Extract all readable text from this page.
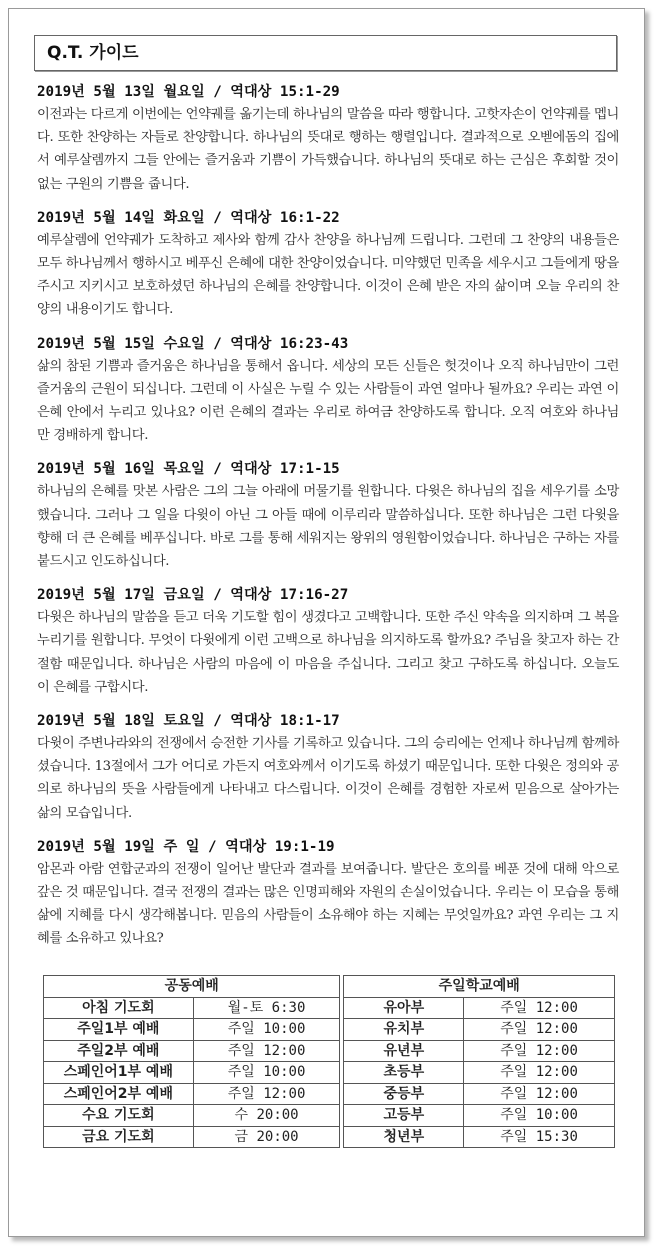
Q.T. 가이드
2019년 5월 13일 월요일 / 역대상 15:1-29
이전과는 다르게 이번에는 언약궤를 옮기는데 하나님의 말씀을 따라 행합니다. 고핫자손이 언약궤를 멥니다. 또한 찬양하는 자들로 찬양합니다. 하나님의 뜻대로 행하는 행렬입니다. 결과적으로 오벧에돔의 집에서 예루살렘까지 그들 안에는 즐거움과 기쁨이 가득했습니다. 하나님의 뜻대로 하는 근심은 후회할 것이 없는 구원의 기쁨을 줍니다.
2019년 5월 14일 화요일 / 역대상 16:1-22
예루살렘에 언약궤가 도착하고 제사와 함께 감사 찬양을 하나님께 드립니다. 그런데 그 찬양의 내용들은 모두 하나님께서 행하시고 베푸신 은혜에 대한 찬양이었습니다. 미약했던 민족을 세우시고 그들에게 땅을 주시고 지키시고 보호하셨던 하나님의 은혜를 찬양합니다. 이것이 은혜 받은 자의 삶이며 오늘 우리의 찬양의 내용이기도 합니다.
2019년 5월 15일 수요일 / 역대상 16:23-43
삶의 참된 기쁨과 즐거움은 하나님을 통해서 옵니다. 세상의 모든 신들은 헛것이나 오직 하나님만이 그런 즐거움의 근원이 되십니다. 그런데 이 사실은 누릴 수 있는 사람들이 과연 얼마나 될까요? 우리는 과연 이 은혜 안에서 누리고 있나요? 이런 은혜의 결과는 우리로 하여금 찬양하도록 합니다. 오직 여호와 하나님만 경배하게 합니다.
2019년 5월 16일 목요일 / 역대상 17:1-15
하나님의 은혜를 맛본 사람은 그의 그늘 아래에 머물기를 원합니다. 다윗은 하나님의 집을 세우기를 소망했습니다. 그러나 그 일을 다윗이 아닌 그 아들 때에 이루리라 말씀하십니다. 또한 하나님은 그런 다윗을 향해 더 큰 은혜를 베푸십니다. 바로 그를 통해 세워지는 왕위의 영원함이었습니다. 하나님은 구하는 자를 붙드시고 인도하십니다.
2019년 5월 17일 금요일 / 역대상 17:16-27
다윗은 하나님의 말씀을 듣고 더욱 기도할 힘이 생겼다고 고백합니다. 또한 주신 약속을 의지하며 그 복을 누리기를 원합니다. 무엇이 다윗에게 이런 고백으로 하나님을 의지하도록 할까요? 주님을 찾고자 하는 간절함 때문입니다. 하나님은 사람의 마음에 이 마음을 주십니다. 그리고 찾고 구하도록 하십니다. 오늘도 이 은혜를 구합시다.
2019년 5월 18일 토요일 / 역대상 18:1-17
다윗이 주변나라와의 전쟁에서 승전한 기사를 기록하고 있습니다. 그의 승리에는 언제나 하나님께 함께하셨습니다. 13절에서 그가 어디로 가든지 여호와께서 이기도록 하셨기 때문입니다. 또한 다윗은 정의와 공의로 하나님의 뜻을 사람들에게 나타내고 다스립니다. 이것이 은혜를 경험한 자로써 믿음으로 살아가는 삶의 모습입니다.
2019년 5월 19일 주 일 / 역대상 19:1-19
암몬과 아람 연합군과의 전쟁이 일어난 발단과 결과를 보여줍니다. 발단은 호의를 베푼 것에 대해 악으로 갚은 것 때문입니다. 결국 전쟁의 결과는 많은 인명피해와 자원의 손실이었습니다. 우리는 이 모습을 통해 삶에 지혜를 다시 생각해봅니다. 믿음의 사람들이 소유해야 하는 지혜는 무엇일까요? 과연 우리는 그 지혜를 소유하고 있나요?
공동예배			주일학교예배	
아침 기도회	월-토 6:30		유아부	주일 12:00
주일1부 예배	주일 10:00		유치부	주일 12:00
주일2부 예배	주일 12:00		유년부	주일 12:00
스페인어1부 예배	주일 10:00		초등부	주일 12:00
스페인어2부 예배	주일 12:00		중등부	주일 12:00
수요 기도회	수 20:00		고등부	주일 10:00
금요 기도회	금 20:00		청년부	주일 15:30
